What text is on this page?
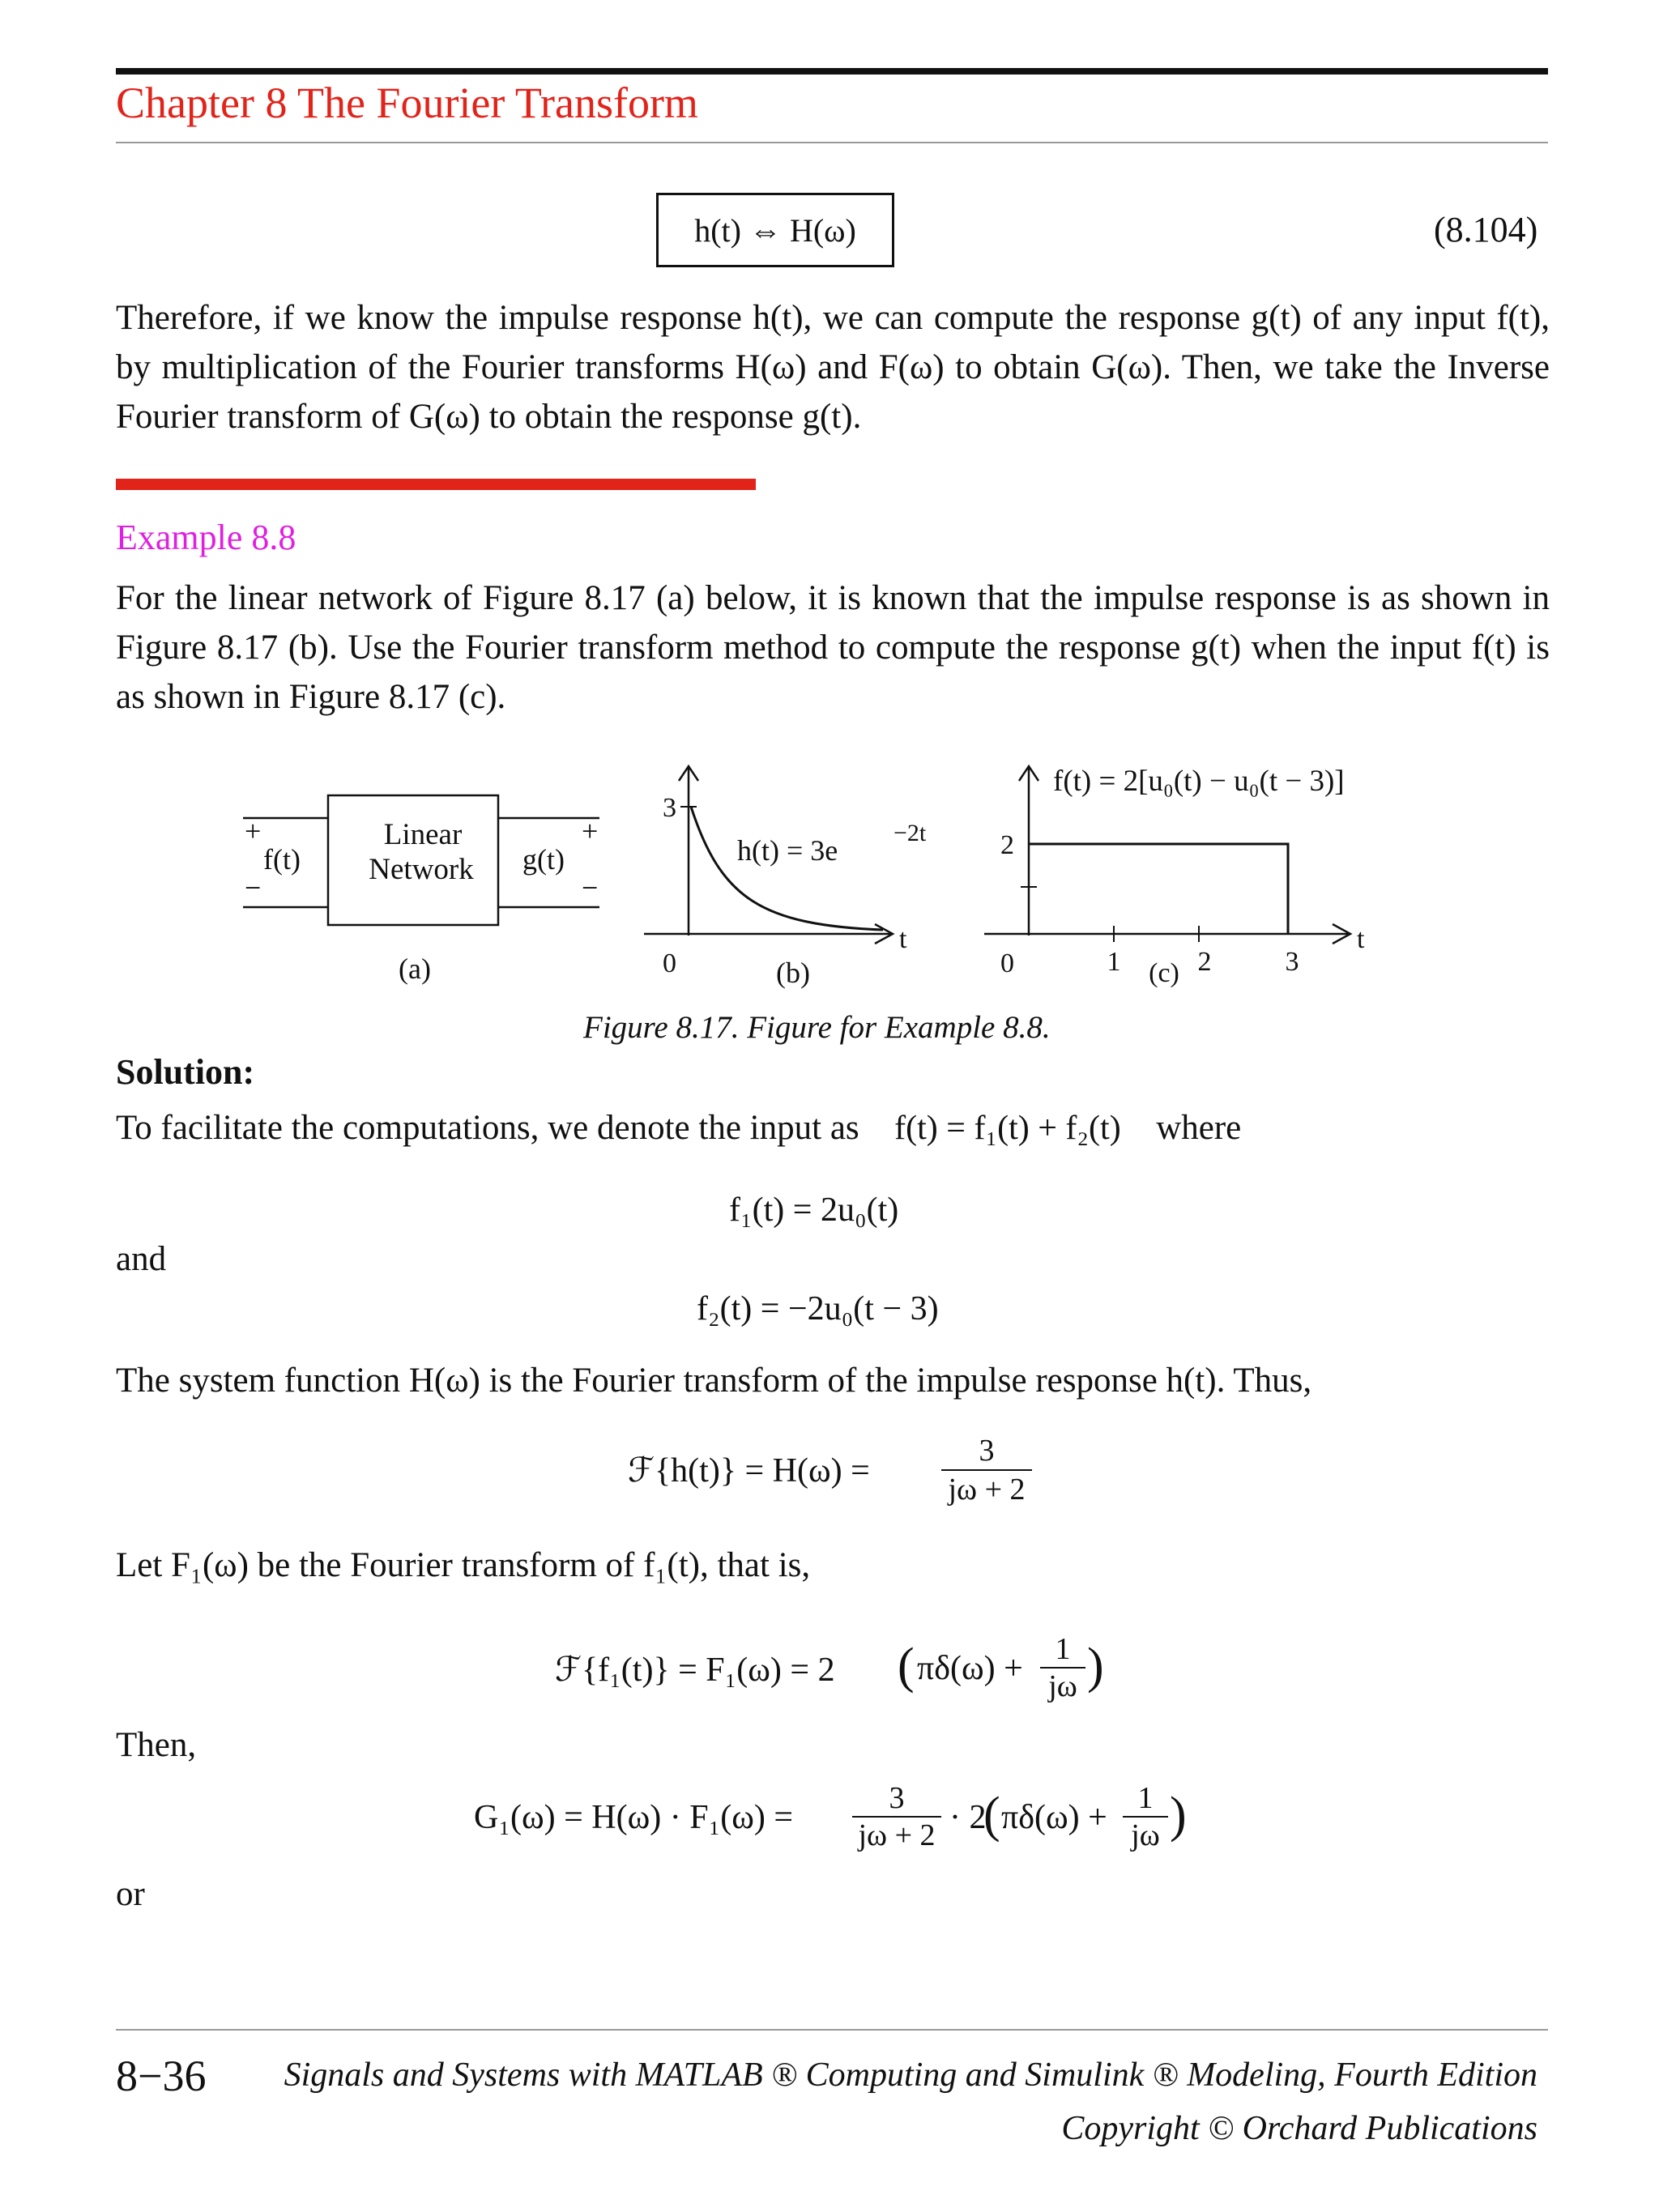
Chapter 8 The Fourier Transform
h(t) ⇔ H(ω)	(8.104)

Therefore, if we know the impulse response h(t), we can compute the response g(t) of any input f(t), by multiplication of the Fourier transforms H(ω) and F(ω) to obtain G(ω). Then, we take the Inverse Fourier transform of G(ω) to obtain the response g(t).

Example 8.8

For the linear network of Figure 8.17 (a) below, it is known that the impulse response is as shown in Figure 8.17 (b). Use the Fourier transform method to compute the response g(t) when the input f(t) is as shown in Figure 8.17 (c).

Linear
Network
+
−
f(t)
+
−
g(t)
(a)
3
0
t
h(t) = 3e
−2t
(b)
f(t) = 2[u₀(t) − u₀(t − 3)]
2
0	1	2	3
t
(c)
Figure 8.17. Figure for Example 8.8.
Solution:
To facilitate the computations, we denote the input as f(t) = f₁(t) + f₂(t) where
f₁(t) = 2u₀(t)
and
f₂(t) = −2u₀(t − 3)
The system function H(ω) is the Fourier transform of the impulse response h(t). Thus,
ℱ{h(t)} = H(ω) =
3
jω + 2
Let F₁(ω) be the Fourier transform of f₁(t), that is,
ℱ{f₁(t)} = F₁(ω) = 2 ( πδ(ω) +
1
jω )
Then,
G₁(ω) = H(ω) · F₁(ω) =
3
jω + 2 · 2
( πδ(ω) +
1
jω )
or
8−36	Signals and Systems with MATLAB ® Computing and Simulink ® Modeling, Fourth Edition
Copyright © Orchard Publications
